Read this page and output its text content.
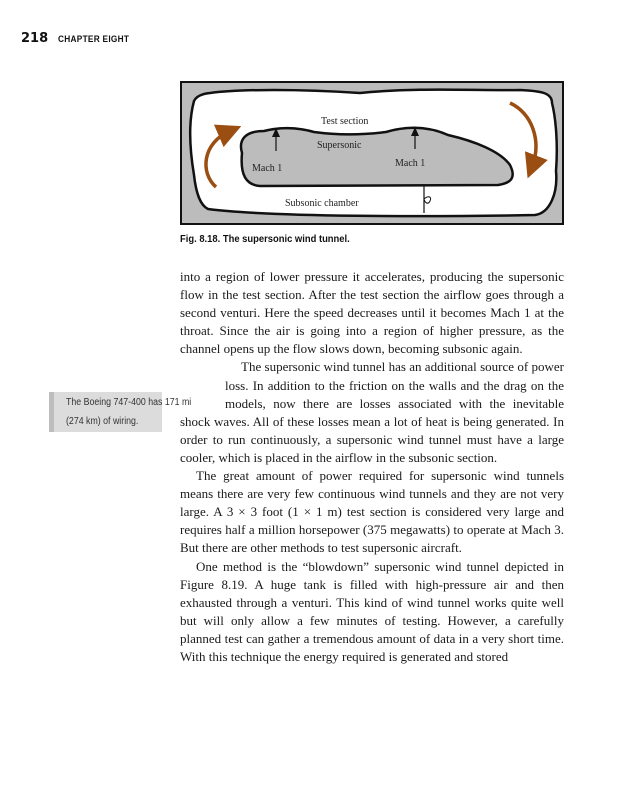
218 CHAPTER EIGHT
Test section
Supersonic
Mach 1	Mach 1
Subsonic chamber
Fig. 8.18. The supersonic wind tunnel.
The Boeing 747-400 has 171 mi
(274 km) of wiring.

into a region of lower pressure it accelerates, producing the supersonic flow in the test section. After the test section the airflow goes through a second venturi. Here the speed decreases until it becomes Mach 1 at the throat. Since the air is going into a region of higher pressure, as the channel opens up the flow slows down, becoming subsonic again.

The supersonic wind tunnel has an additional source of power loss. In addition to the friction on the walls and the drag on the models, now there are losses associated with the inevitable shock waves. All of these losses mean a lot of heat is being generated. In order to run continuously, a supersonic wind tunnel must have a large cooler, which is placed in the airflow in the subsonic section.

The great amount of power required for supersonic wind tunnels means there are very few continuous wind tunnels and they are not very large. A 3 × 3 foot (1 × 1 m) test section is considered very large and requires half a million horsepower (375 megawatts) to operate at Mach 3. But there are other methods to test supersonic aircraft.

One method is the “blowdown” supersonic wind tunnel depicted in Figure 8.19. A huge tank is filled with high-pressure air and then exhausted through a venturi. This kind of wind tunnel works quite well but will only allow a few minutes of testing. However, a carefully planned test can gather a tremendous amount of data in a very short time. With this technique the energy required is generated and stored
